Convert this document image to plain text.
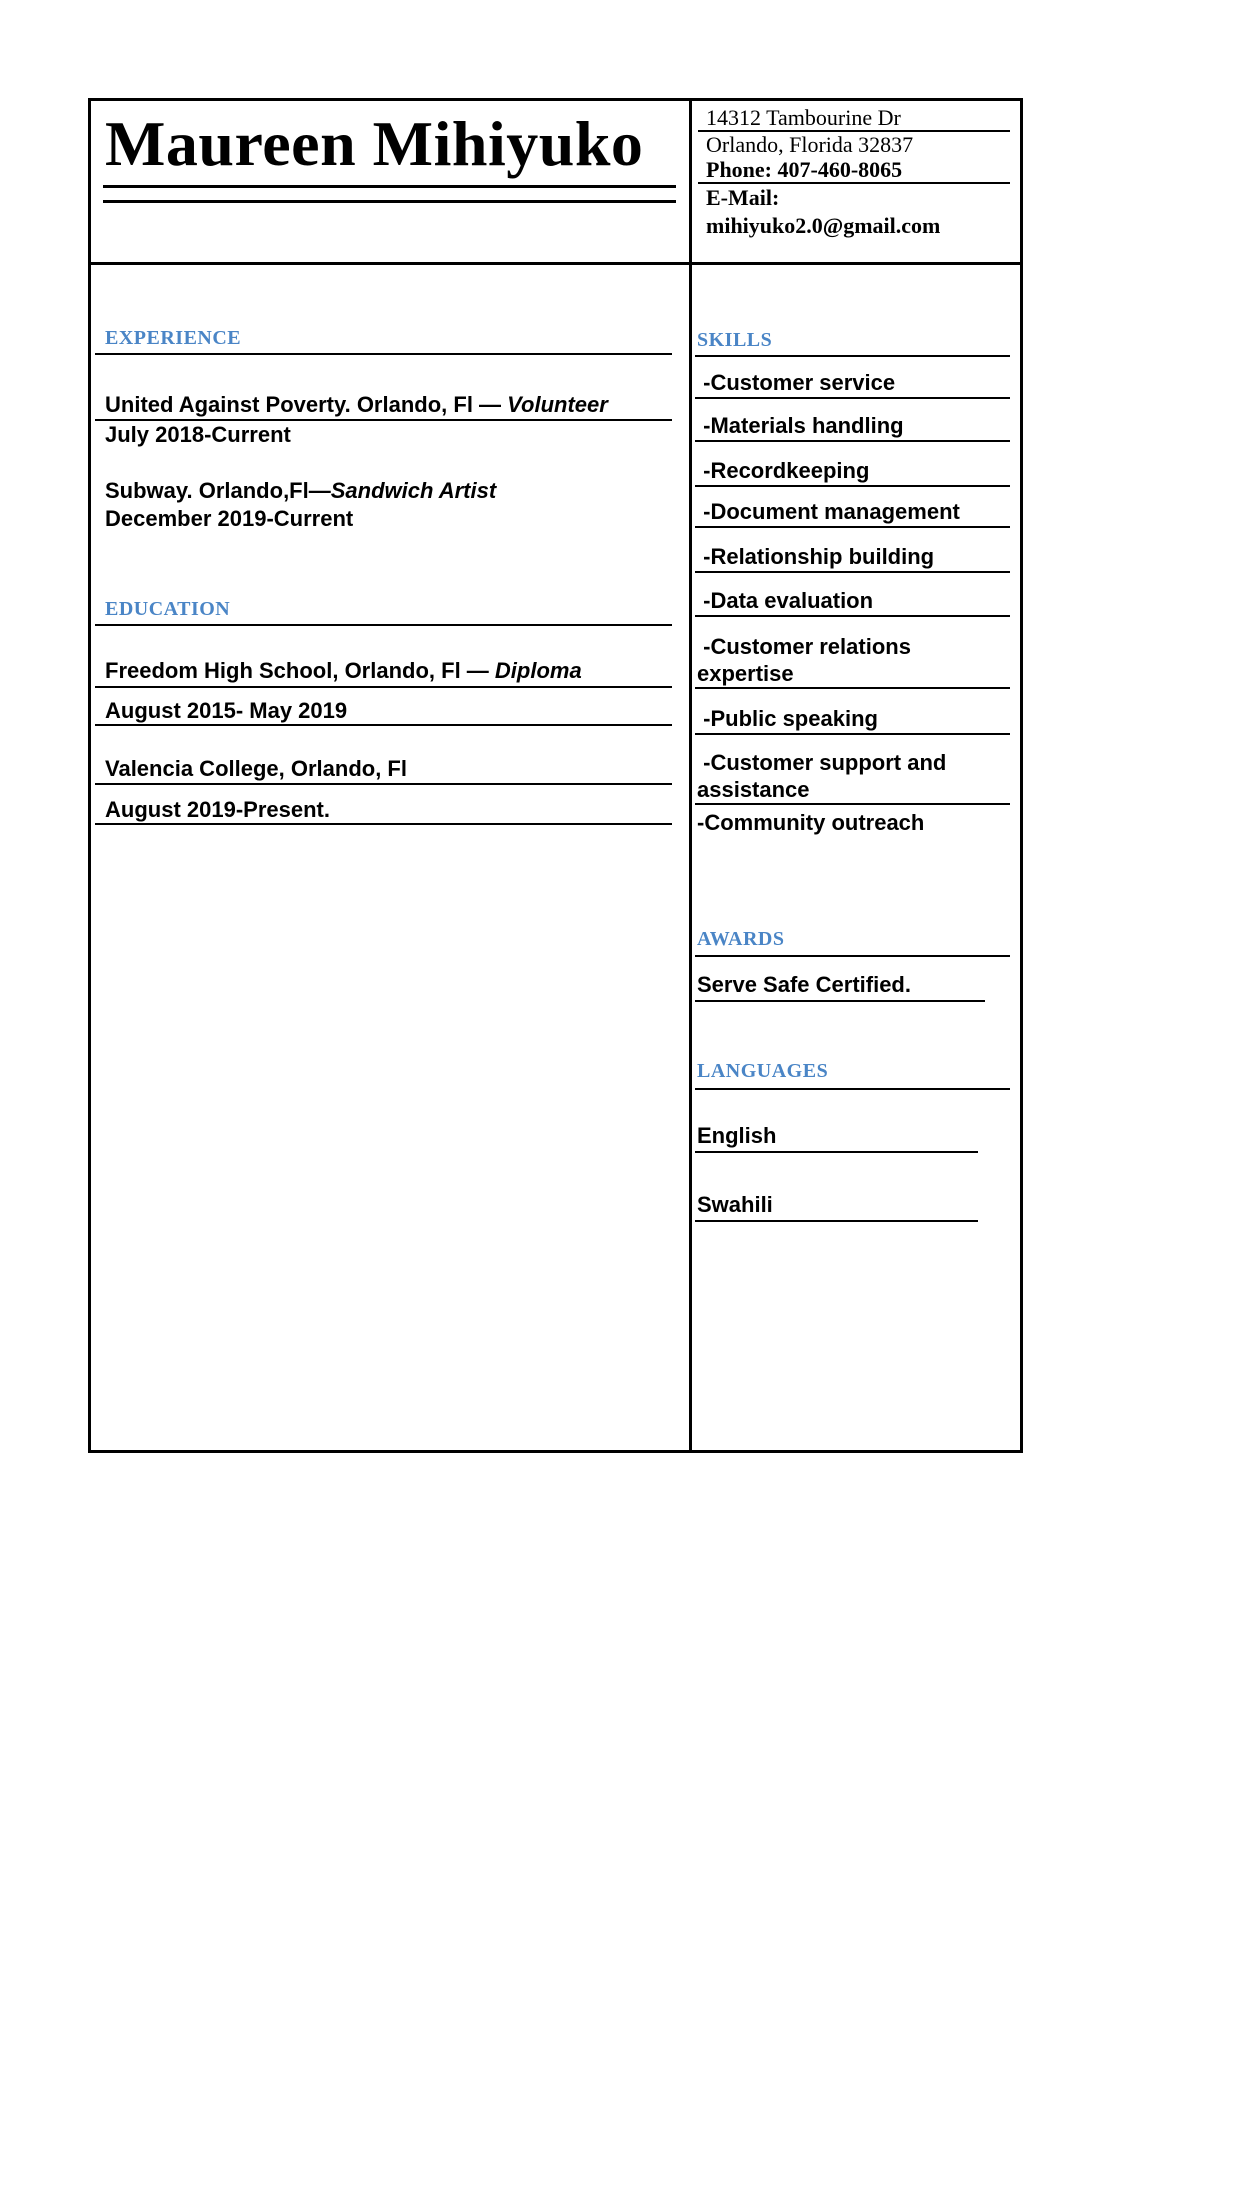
Maureen Mihiyuko	14312 Tambourine Dr
Orlando, Florida 32837
Phone: 407-460-8065
E-Mail:
mihiyuko2.0@gmail.com
EXPERIENCE
United Against Poverty. Orlando, Fl — Volunteer
July 2018-Current
Subway. Orlando,Fl—Sandwich Artist
December 2019-Current
EDUCATION
Freedom High School, Orlando, Fl — Diploma
August 2015- May 2019
Valencia College, Orlando, Fl
August 2019-Present.
SKILLS
-Customer service
-Materials handling
-Recordkeeping
-Document management
-Relationship building
-Data evaluation
-Customer relations expertise
-Public speaking
-Customer support and assistance
-Community outreach
AWARDS
Serve Safe Certified.
LANGUAGES
English
Swahili
